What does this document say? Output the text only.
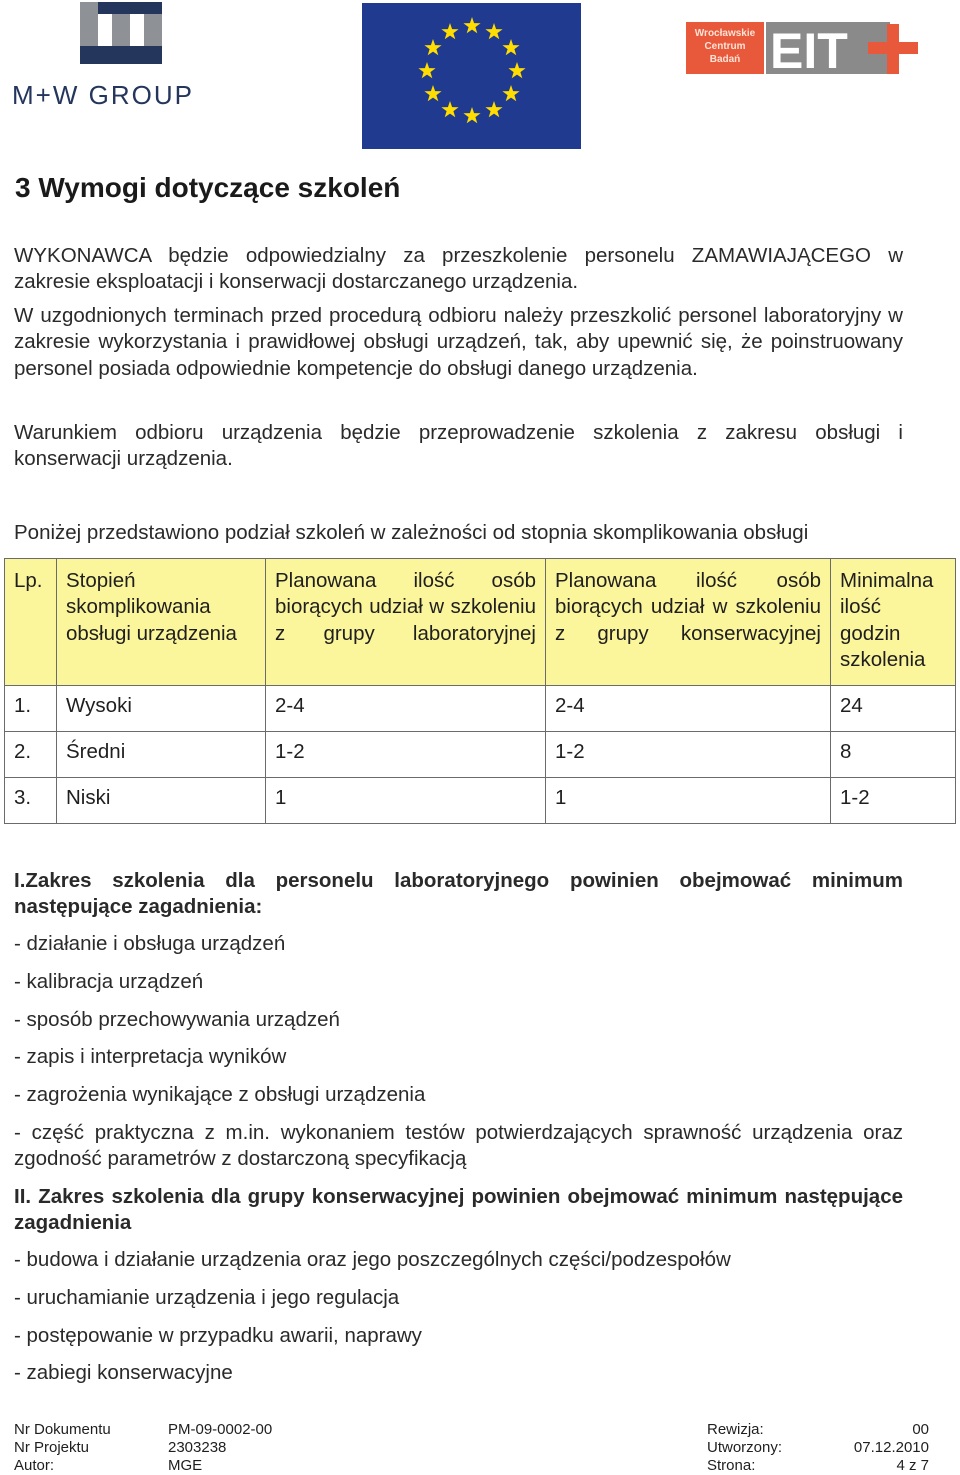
M+W GROUP
Wrocławskie
Centrum
Badań EIT
3 Wymogi dotyczące szkoleń
WYKONAWCA będzie odpowiedzialny za przeszkolenie personelu ZAMAWIAJĄCEGO w zakresie eksploatacji i konserwacji dostarczanego urządzenia.
W uzgodnionych terminach przed procedurą odbioru należy przeszkolić personel laboratoryjny w zakresie wykorzystania i prawidłowej obsługi urządzeń, tak, aby upewnić się, że poinstruowany personel posiada odpowiednie kompetencje do obsługi danego urządzenia.
Warunkiem odbioru urządzenia będzie przeprowadzenie szkolenia z zakresu obsługi i konserwacji urządzenia.
Poniżej przedstawiono podział szkoleń w zależności od stopnia skomplikowania obsługi
Lp.	Stopień skomplikowania obsługi urządzenia	Planowana ilość osób biorących udział w szkoleniu z grupy laboratoryjnej	Planowana ilość osób biorących udział w szkoleniu z grupy konserwacyjnej	Minimalna ilość godzin szkolenia
1.	Wysoki	2-4	2-4	24
2.	Średni	1-2	1-2	8
3.	Niski	1	1	1-2
I.Zakres szkolenia dla personelu laboratoryjnego powinien obejmować minimum następujące zagadnienia:
- działanie i obsługa urządzeń
- kalibracja urządzeń
- sposób przechowywania urządzeń
- zapis i interpretacja wyników
- zagrożenia wynikające z obsługi urządzenia
- część praktyczna z m.in. wykonaniem testów potwierdzających sprawność urządzenia oraz zgodność parametrów z dostarczoną specyfikacją
II. Zakres szkolenia dla grupy konserwacyjnej powinien obejmować minimum następujące zagadnienia
- budowa i działanie urządzenia oraz jego poszczególnych części/podzespołów
- uruchamianie urządzenia i jego regulacja
- postępowanie w przypadku awarii, naprawy
- zabiegi konserwacyjne
Nr Dokumentu	PM-09-0002-00
Nr Projektu	2303238
Autor:	MGE
Rewizja:	00
Utworzony:	07.12.2010
Strona:	4 z 7
